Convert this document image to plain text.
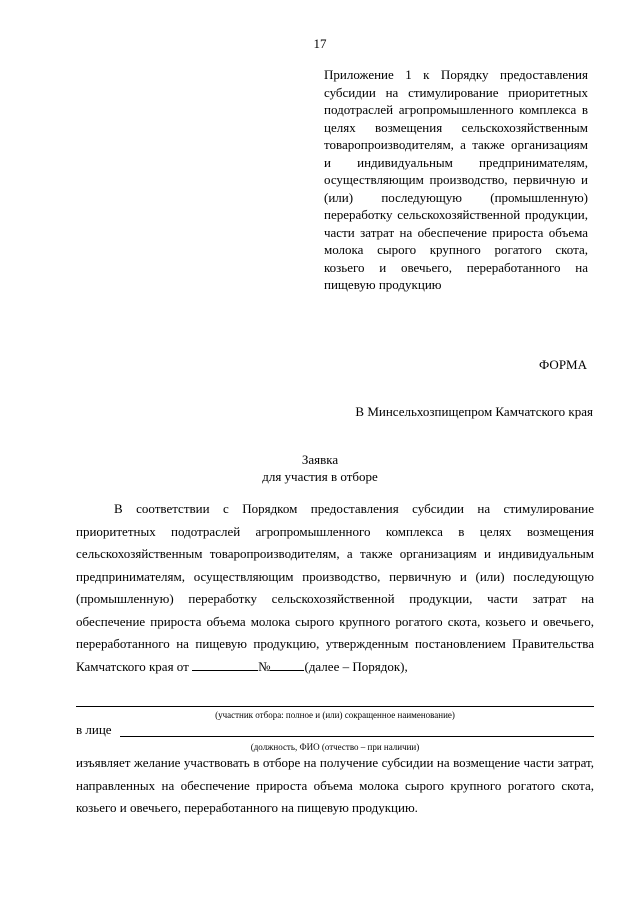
17
Приложение 1 к Порядку предоставления субсидии на стимулирование приоритетных подотраслей агропромышленного комплекса в целях возмещения сельскохозяйственным товаропроизводителям, а также организациям и индивидуальным предпринимателям, осуществляющим производство, первичную и (или) последующую (промышленную) переработку сельскохозяйственной продукции, части затрат на обеспечение прироста объема молока сырого крупного рогатого скота, козьего и овечьего, переработанного на пищевую продукцию
ФОРМА
В Минсельхозпищепром Камчатского края
Заявка
для участия в отборе
В соответствии с Порядком предоставления субсидии на стимулирование приоритетных подотраслей агропромышленного комплекса в целях возмещения сельскохозяйственным товаропроизводителям, а также организациям и индивидуальным предпринимателям, осуществляющим производство, первичную и (или) последующую (промышленную) переработку сельскохозяйственной продукции, части затрат на обеспечение прироста объема молока сырого крупного рогатого скота, козьего и овечьего, переработанного на пищевую продукцию, утвержденным постановлением Правительства Камчатского края от	№	(далее – Порядок),
(участник отбора: полное и (или) сокращенное наименование)
в лице
(должность, ФИО (отчество – при наличии)
изъявляет желание участвовать в отборе на получение субсидии на возмещение части затрат, направленных на обеспечение прироста объема молока сырого крупного рогатого скота, козьего и овечьего, переработанного на пищевую продукцию.
